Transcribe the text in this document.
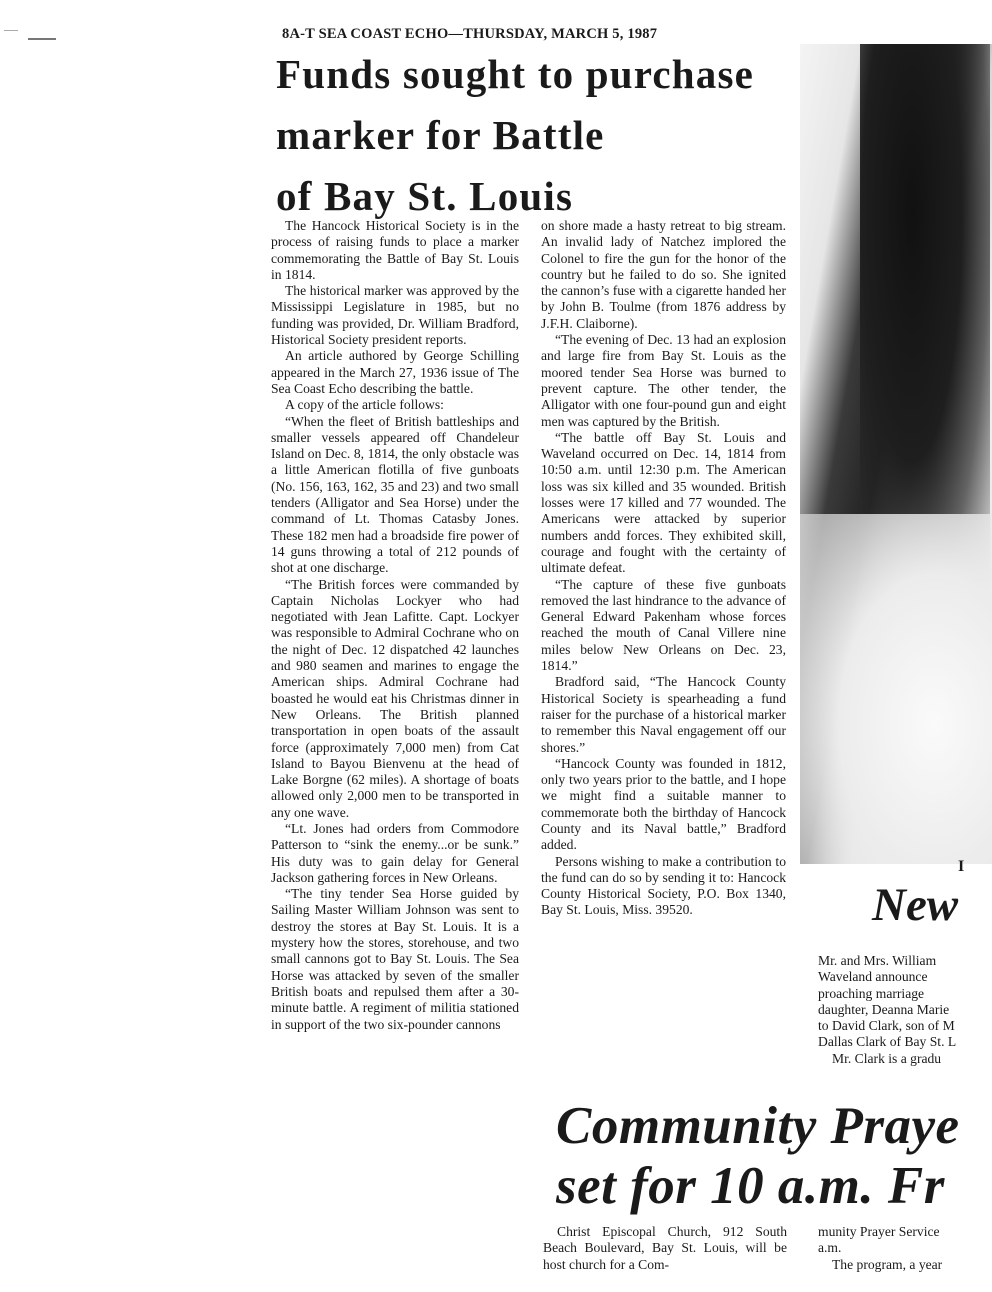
8A-T SEA COAST ECHO—THURSDAY, MARCH 5, 1987
Funds sought to purchase
marker for Battle
of Bay St. Louis

The Hancock Historical Society is in the process of raising funds to place a marker commemorating the Battle of Bay St. Louis in 1814.

The historical marker was approved by the Mississippi Legislature in 1985, but no funding was provided, Dr. William Bradford, Historical Society president reports.

An article authored by George Schilling appeared in the March 27, 1936 issue of The Sea Coast Echo describing the battle.

A copy of the article follows:

“When the fleet of British battleships and smaller vessels appeared off Chandeleur Island on Dec. 8, 1814, the only obstacle was a little American flotilla of five gunboats (No. 156, 163, 162, 35 and 23) and two small tenders (Alligator and Sea Horse) under the command of Lt. Thomas Catasby Jones. These 182 men had a broadside fire power of 14 guns throwing a total of 212 pounds of shot at one discharge.

“The British forces were commanded by Captain Nicholas Lockyer who had negotiated with Jean Lafitte. Capt. Lockyer was responsible to Admiral Cochrane who on the night of Dec. 12 dispatched 42 launches and 980 seamen and marines to engage the American ships. Admiral Cochrane had boasted he would eat his Christmas dinner in New Orleans. The British planned transportation in open boats of the assault force (approximately 7,000 men) from Cat Island to Bayou Bienvenu at the head of Lake Borgne (62 miles). A shortage of boats allowed only 2,000 men to be transported in any one wave.

“Lt. Jones had orders from Commodore Patterson to “sink the enemy...or be sunk.” His duty was to gain delay for General Jackson gathering forces in New Orleans.

“The tiny tender Sea Horse guided by Sailing Master William Johnson was sent to destroy the stores at Bay St. Louis. It is a mystery how the stores, storehouse, and two small cannons got to Bay St. Louis. The Sea Horse was attacked by seven of the smaller British boats and repulsed them after a 30-minute battle. A regiment of militia stationed in support of the two six-pounder cannons

on shore made a hasty retreat to big stream. An invalid lady of Natchez implored the Colonel to fire the gun for the honor of the country but he failed to do so. She ignited the cannon’s fuse with a cigarette handed her by John B. Toulme (from 1876 address by J.F.H. Claiborne).

“The evening of Dec. 13 had an explosion and large fire from Bay St. Louis as the moored tender Sea Horse was burned to prevent capture. The other tender, the Alligator with one four-pound gun and eight men was captured by the British.

“The battle off Bay St. Louis and Waveland occurred on Dec. 14, 1814 from 10:50 a.m. until 12:30 p.m. The American loss was six killed and 35 wounded. British losses were 17 killed and 77 wounded. The Americans were attacked by superior numbers andd forces. They exhibited skill, courage and fought with the certainty of ultimate defeat.

“The capture of these five gunboats removed the last hindrance to the advance of General Edward Pakenham whose forces reached the mouth of Canal Villere nine miles below New Orleans on Dec. 23, 1814.”

Bradford said, “The Hancock County Historical Society is spearheading a fund raiser for the purchase of a historical marker to remember this Naval engagement off our shores.”

“Hancock County was founded in 1812, only two years prior to the battle, and I hope we might find a suitable manner to commemorate both the birthday of Hancock County and its Naval battle,” Bradford added.

Persons wishing to make a contribution to the fund can do so by sending it to: Hancock County Historical Society, P.O. Box 1340, Bay St. Louis, Miss. 39520.

I
New
Mr. and Mrs. William
Waveland announce
proaching marriage
daughter, Deanna Marie
to David Clark, son of M
Dallas Clark of Bay St. L
Mr. Clark is a gradu
Community Praye
set for 10 a.m. Fr
Christ Episcopal Church, 912 South Beach Boulevard, Bay St. Louis, will be host church for a Com-
munity Prayer Service
a.m.
The program, a year
